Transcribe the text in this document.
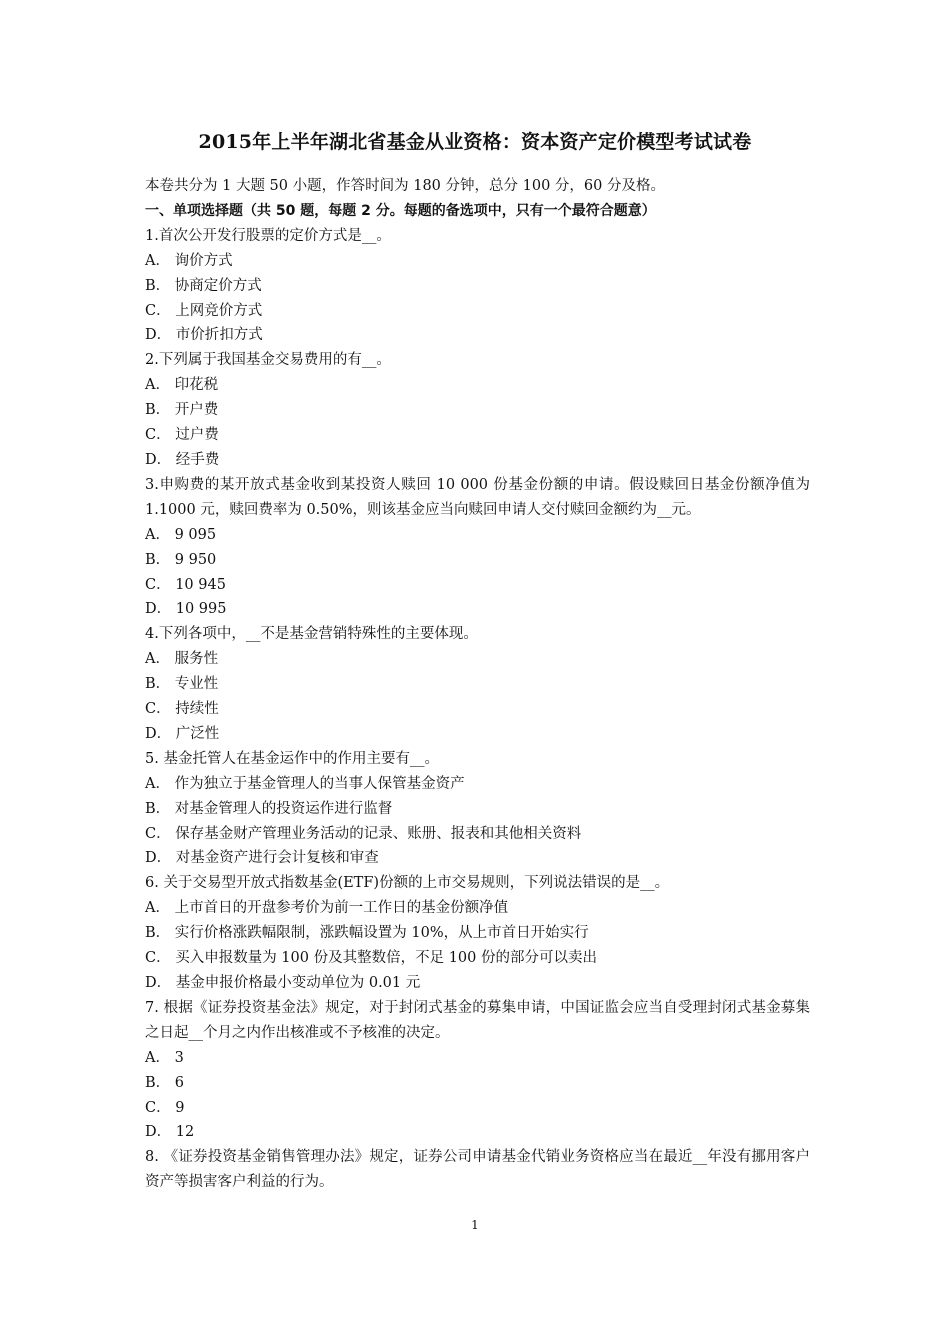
2015年上半年湖北省基金从业资格：资本资产定价模型考试试卷

本卷共分为 1 大题 50 小题，作答时间为 180 分钟，总分 100 分，60 分及格。

一、单项选择题（共 50 题，每题 2 分。每题的备选项中，只有一个最符合题意）

1.首次公开发行股票的定价方式是__。

A． 询价方式

B． 协商定价方式

C． 上网竞价方式

D． 市价折扣方式

2.下列属于我国基金交易费用的有__。

A． 印花税

B． 开户费

C． 过户费

D． 经手费

3.申购费的某开放式基金收到某投资人赎回 10 000 份基金份额的申请。假设赎回日基金份额净值为 1.1000 元，赎回费率为 0.50%，则该基金应当向赎回申请人交付赎回金额约为__元。

A． 9 095

B． 9 950

C． 10 945

D． 10 995

4.下列各项中，__不是基金营销特殊性的主要体现。

A． 服务性

B． 专业性

C． 持续性

D． 广泛性

5. 基金托管人在基金运作中的作用主要有__。

A． 作为独立于基金管理人的当事人保管基金资产

B． 对基金管理人的投资运作进行监督

C． 保存基金财产管理业务活动的记录、账册、报表和其他相关资料

D． 对基金资产进行会计复核和审查

6. 关于交易型开放式指数基金(ETF)份额的上市交易规则，下列说法错误的是__。

A． 上市首日的开盘参考价为前一工作日的基金份额净值

B． 实行价格涨跌幅限制，涨跌幅设置为 10%，从上市首日开始实行

C． 买入申报数量为 100 份及其整数倍，不足 100 份的部分可以卖出

D． 基金申报价格最小变动单位为 0.01 元

7. 根据《证券投资基金法》规定，对于封闭式基金的募集申请，中国证监会应当自受理封闭式基金募集之日起__个月之内作出核准或不予核准的决定。

A． 3

B． 6

C． 9

D． 12

8. 《证券投资基金销售管理办法》规定，证券公司申请基金代销业务资格应当在最近__年没有挪用客户资产等损害客户利益的行为。

1
